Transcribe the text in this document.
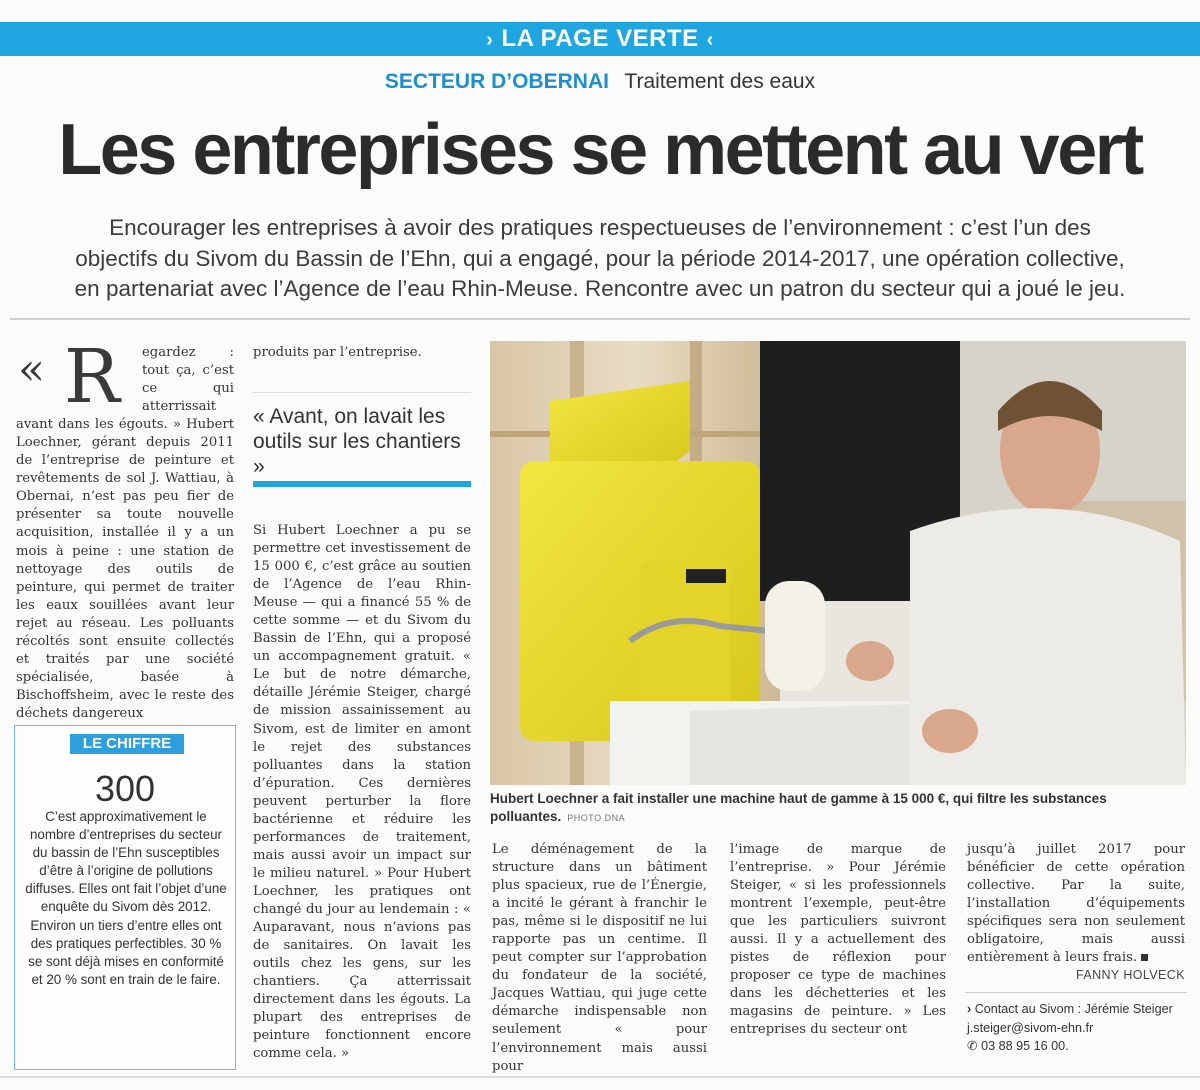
› LA PAGE VERTE ‹
SECTEUR D’OBERNAI Traitement des eaux
Les entreprises se mettent au vert
Encourager les entreprises à avoir des pratiques respectueuses de l’environnement : c’est l’un des
objectifs du Sivom du Bassin de l’Ehn, qui a engagé, pour la période 2014-2017, une opération collective,
en partenariat avec l’Agence de l’eau Rhin-Meuse. Rencontre avec un patron du secteur qui a joué le jeu.
« R	egardez : tout ça, c’est ce qui atterrissait avant dans les égouts. » Hubert Loechner, gérant depuis 2011 de l’entreprise de peinture et revêtements de sol J. Wattiau, à Obernai, n’est pas peu fier de présenter sa toute nouvelle acquisition, installée il y a un mois à peine : une station de nettoyage des outils de peinture, qui permet de traiter les eaux souillées avant leur rejet au réseau. Les polluants récoltés sont ensuite collectés et traités par une société spécialisée, basée à Bischoffsheim, avec le reste des déchets dangereux

LE CHIFFRE
300
C’est approximativement le nombre d’entreprises du secteur du bassin de l’Ehn susceptibles d’être à l’origine de pollutions diffuses. Elles ont fait l’objet d’une enquête du Sivom dès 2012. Environ un tiers d’entre elles ont des pratiques perfectibles. 30 % se sont déjà mises en conformité et 20 % sont en train de le faire.

produits par l’entreprise.

« Avant, on lavait les outils sur les chantiers »

Si Hubert Loechner a pu se permettre cet investissement de 15 000 €, c’est grâce au soutien de l’Agence de l’eau Rhin-Meuse — qui a financé 55 % de cette somme — et du Sivom du Bassin de l’Ehn, qui a proposé un accompagnement gratuit. « Le but de notre démarche, détaille Jérémie Steiger, chargé de mission assainissement au Sivom, est de limiter en amont le rejet des substances polluantes dans la station d’épuration. Ces dernières peuvent perturber la flore bactérienne et réduire les performances de traitement, mais aussi avoir un impact sur le milieu naturel. » Pour Hubert Loechner, les pratiques ont changé du jour au lendemain : « Auparavant, nous n’avions pas de sanitaires. On lavait les outils chez les gens, sur les chantiers. Ça atterrissait directement dans les égouts. La plupart des entreprises de peinture fonctionnent encore comme cela. »

Hubert Loechner a fait installer une machine haut de gamme à 15 000 €, qui filtre les substances polluantes. PHOTO DNA

Le déménagement de la structure dans un bâtiment plus spacieux, rue de l’Énergie, a incité le gérant à franchir le pas, même si le dispositif ne lui rapporte pas un centime. Il peut compter sur l’approbation du fondateur de la société, Jacques Wattiau, qui juge cette démarche indispensable non seulement « pour l’environnement mais aussi pour

l’image de marque de l’entreprise. » Pour Jérémie Steiger, « si les professionnels montrent l’exemple, peut-être que les particuliers suivront aussi. Il y a actuellement des pistes de réflexion pour proposer ce type de machines dans les déchetteries et les magasins de peinture. » Les entreprises du secteur ont

jusqu’à juillet 2017 pour bénéficier de cette opération collective. Par la suite, l’installation d’équipements spécifiques sera non seulement obligatoire, mais aussi entièrement à leurs frais.

FANNY HOLVECK
› Contact au Sivom : Jérémie Steiger j.steiger@sivom-ehn.fr
✆ 03 88 95 16 00.
